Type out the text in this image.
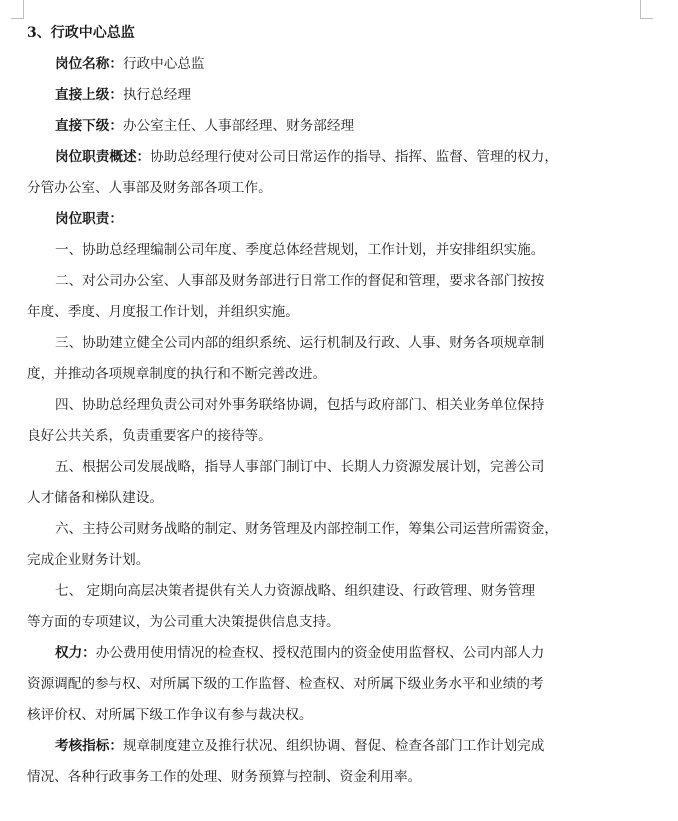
3、行政中心总监
岗位名称：行政中心总监
直接上级：执行总经理
直接下级：办公室主任、人事部经理、财务部经理
岗位职责概述：协助总经理行使对公司日常运作的指导、指挥、监督、管理的权力，
分管办公室、人事部及财务部各项工作。
岗位职责：
一、协助总经理编制公司年度、季度总体经营规划，工作计划，并安排组织实施。
二、对公司办公室、人事部及财务部进行日常工作的督促和管理，要求各部门按按
年度、季度、月度报工作计划，并组织实施。
三、协助建立健全公司内部的组织系统、运行机制及行政、人事、财务各项规章制
度，并推动各项规章制度的执行和不断完善改进。
四、协助总经理负责公司对外事务联络协调，包括与政府部门、相关业务单位保持
良好公共关系，负责重要客户的接待等。
五、根据公司发展战略，指导人事部门制订中、长期人力资源发展计划，完善公司
人才储备和梯队建设。
六、主持公司财务战略的制定、财务管理及内部控制工作，筹集公司运营所需资金，
完成企业财务计划。
七、 定期向高层决策者提供有关人力资源战略、组织建设、行政管理、财务管理
等方面的专项建议，为公司重大决策提供信息支持。
权力：办公费用使用情况的检查权、授权范围内的资金使用监督权、公司内部人力
资源调配的参与权、对所属下级的工作监督、检查权、对所属下级业务水平和业绩的考
核评价权、对所属下级工作争议有参与裁决权。
考核指标：规章制度建立及推行状况、组织协调、督促、检查各部门工作计划完成
情况、各种行政事务工作的处理、财务预算与控制、资金利用率。
